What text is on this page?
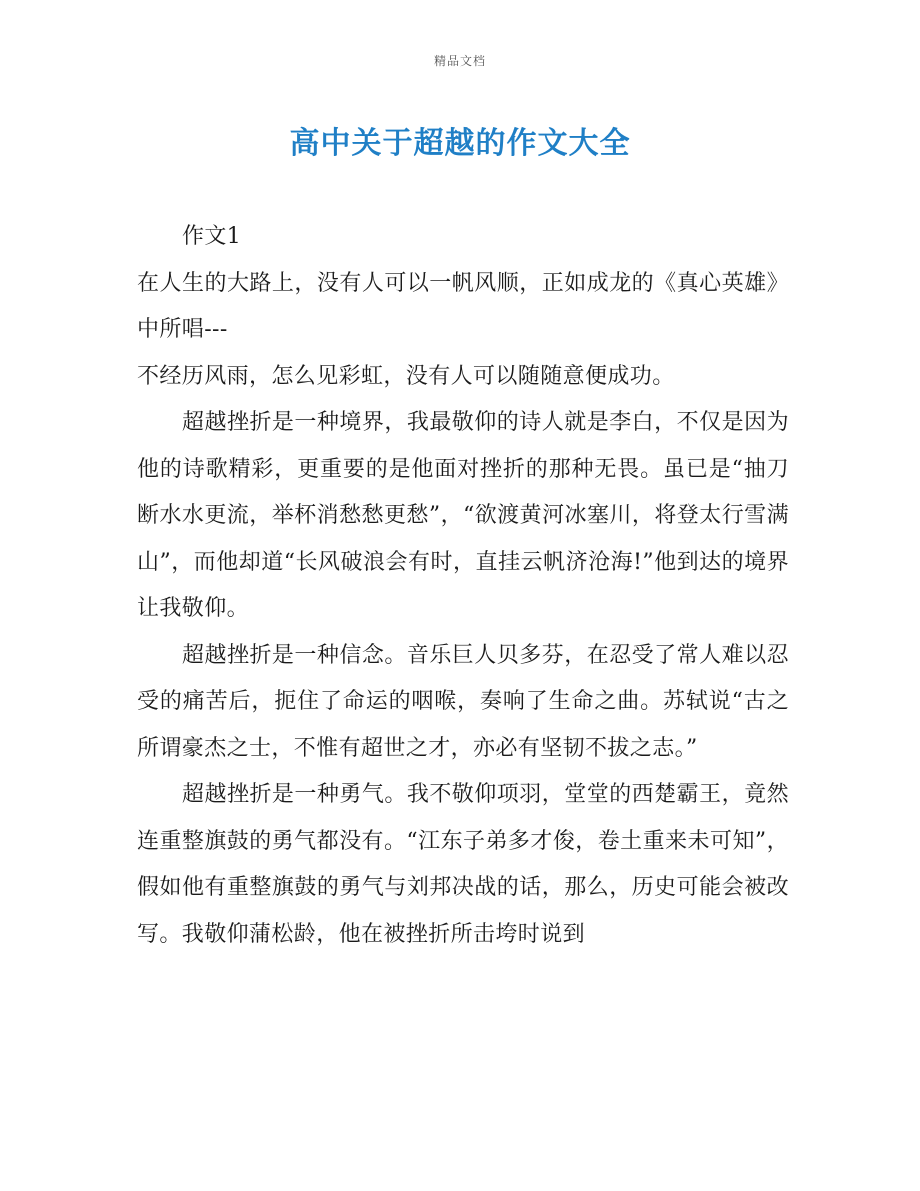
精品文档
高中关于超越的作文大全

作文1

在人生的大路上，没有人可以一帆风顺，正如成龙的《真心英雄》中所唱---

不经历风雨，怎么见彩虹，没有人可以随随意便成功。

超越挫折是一种境界，我最敬仰的诗人就是李白，不仅是因为他的诗歌精彩，更重要的是他面对挫折的那种无畏。虽已是“抽刀断水水更流，举杯消愁愁更愁”，“欲渡黄河冰塞川，将登太行雪满山”，而他却道“长风破浪会有时，直挂云帆济沧海!”他到达的境界让我敬仰。

超越挫折是一种信念。音乐巨人贝多芬，在忍受了常人难以忍受的痛苦后，扼住了命运的咽喉，奏响了生命之曲。苏轼说“古之所谓豪杰之士，不惟有超世之才，亦必有坚韧不拔之志。”

超越挫折是一种勇气。我不敬仰项羽，堂堂的西楚霸王，竟然连重整旗鼓的勇气都没有。“江东子弟多才俊，卷土重来未可知”，假如他有重整旗鼓的勇气与刘邦决战的话，那么，历史可能会被改写。我敬仰蒲松龄，他在被挫折所击垮时说到
